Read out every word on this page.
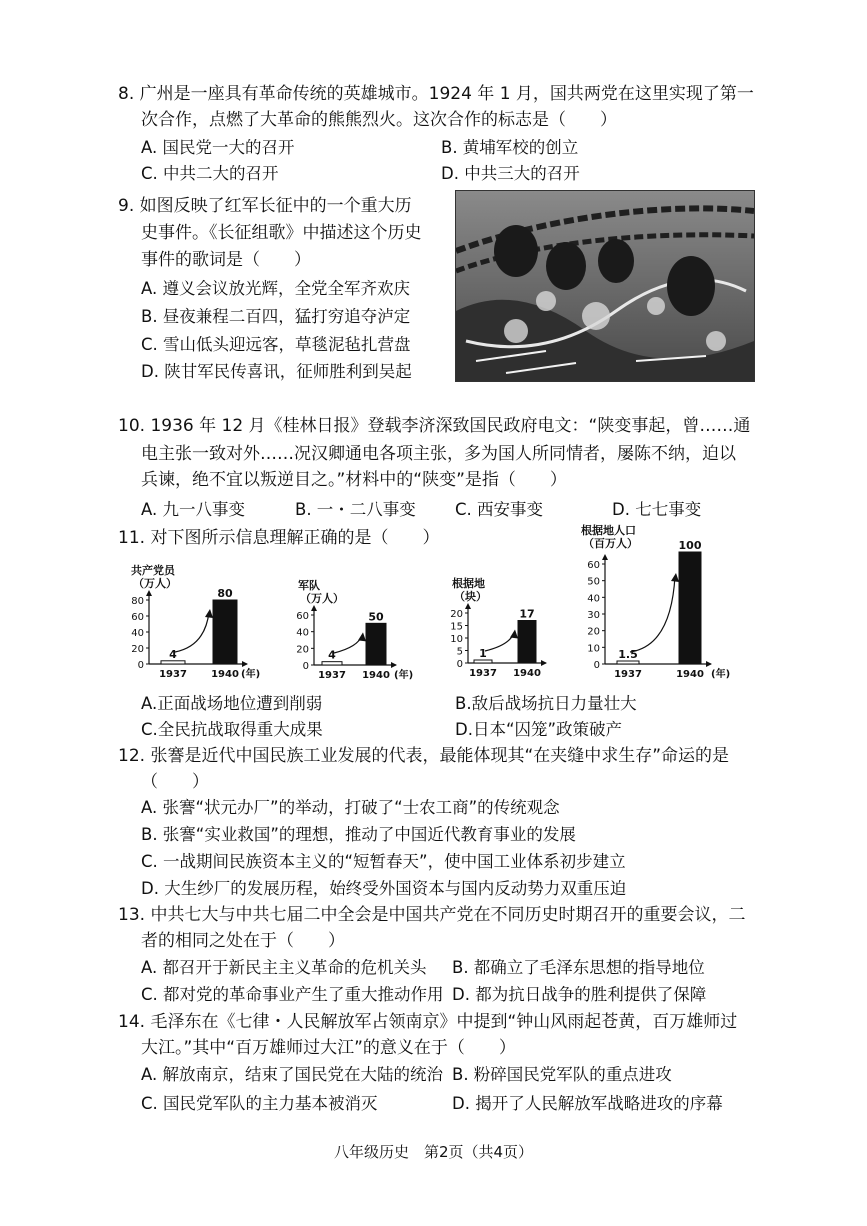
8. 广州是一座具有革命传统的英雄城市。1924 年 1 月，国共两党在这里实现了第一
次合作，点燃了大革命的熊熊烈火。这次合作的标志是（　　）
A. 国民党一大的召开	B. 黄埔军校的创立
C. 中共二大的召开	D. 中共三大的召开
9. 如图反映了红军长征中的一个重大历
史事件。《长征组歌》中描述这个历史
事件的歌词是（　　）
A. 遵义会议放光辉，全党全军齐欢庆
B. 昼夜兼程二百四，猛打穷追夺泸定
C. 雪山低头迎远客，草毯泥毡扎营盘
D. 陕甘军民传喜讯，征师胜利到吴起
10. 1936 年 12 月《桂林日报》登载李济深致国民政府电文：“陕变事起，曾……通
电主张一致对外……况汉卿通电各项主张，多为国人所同情者，屡陈不纳，迫以
兵谏，绝不宜以叛逆目之。”材料中的“陕变”是指（　　）
A. 九一八事变	B. 一・二八事变 C. 西安事变	D. 七七事变
11. 对下图所示信息理解正确的是（　　）
共产党员
（万人）
0
20
40
60
80
4
1937
80
1940 (年)
军队
（万人）
0
20
40
60
4
1937
50
1940 (年)
根据地
（块）
0
5
10
15
20
1
1937
17
1940
根据地人口
（百万人）
0
10
20
30
40
50
60
1.5
1937
100
1940 (年)
A.正面战场地位遭到削弱	B.敌后战场抗日力量壮大
C.全民抗战取得重大成果	D.日本“囚笼”政策破产
12. 张謇是近代中国民族工业发展的代表，最能体现其“在夹缝中求生存”命运的是
（　　）
A. 张謇“状元办厂”的举动，打破了“士农工商”的传统观念
B. 张謇“实业救国”的理想，推动了中国近代教育事业的发展
C. 一战期间民族资本主义的“短暂春天”，使中国工业体系初步建立
D. 大生纱厂的发展历程，始终受外国资本与国内反动势力双重压迫
13. 中共七大与中共七届二中全会是中国共产党在不同历史时期召开的重要会议，二
者的相同之处在于（　　）
A. 都召开于新民主主义革命的危机关头 B. 都确立了毛泽东思想的指导地位
C. 都对党的革命事业产生了重大推动作用 D. 都为抗日战争的胜利提供了保障
14. 毛泽东在《七律・人民解放军占领南京》中提到“钟山风雨起苍黄，百万雄师过
大江。”其中“百万雄师过大江”的意义在于（　　）
A. 解放南京，结束了国民党在大陆的统治 B. 粉碎国民党军队的重点进攻
C. 国民党军队的主力基本被消灭	D. 揭开了人民解放军战略进攻的序幕
八年级历史　第2页（共4页）
